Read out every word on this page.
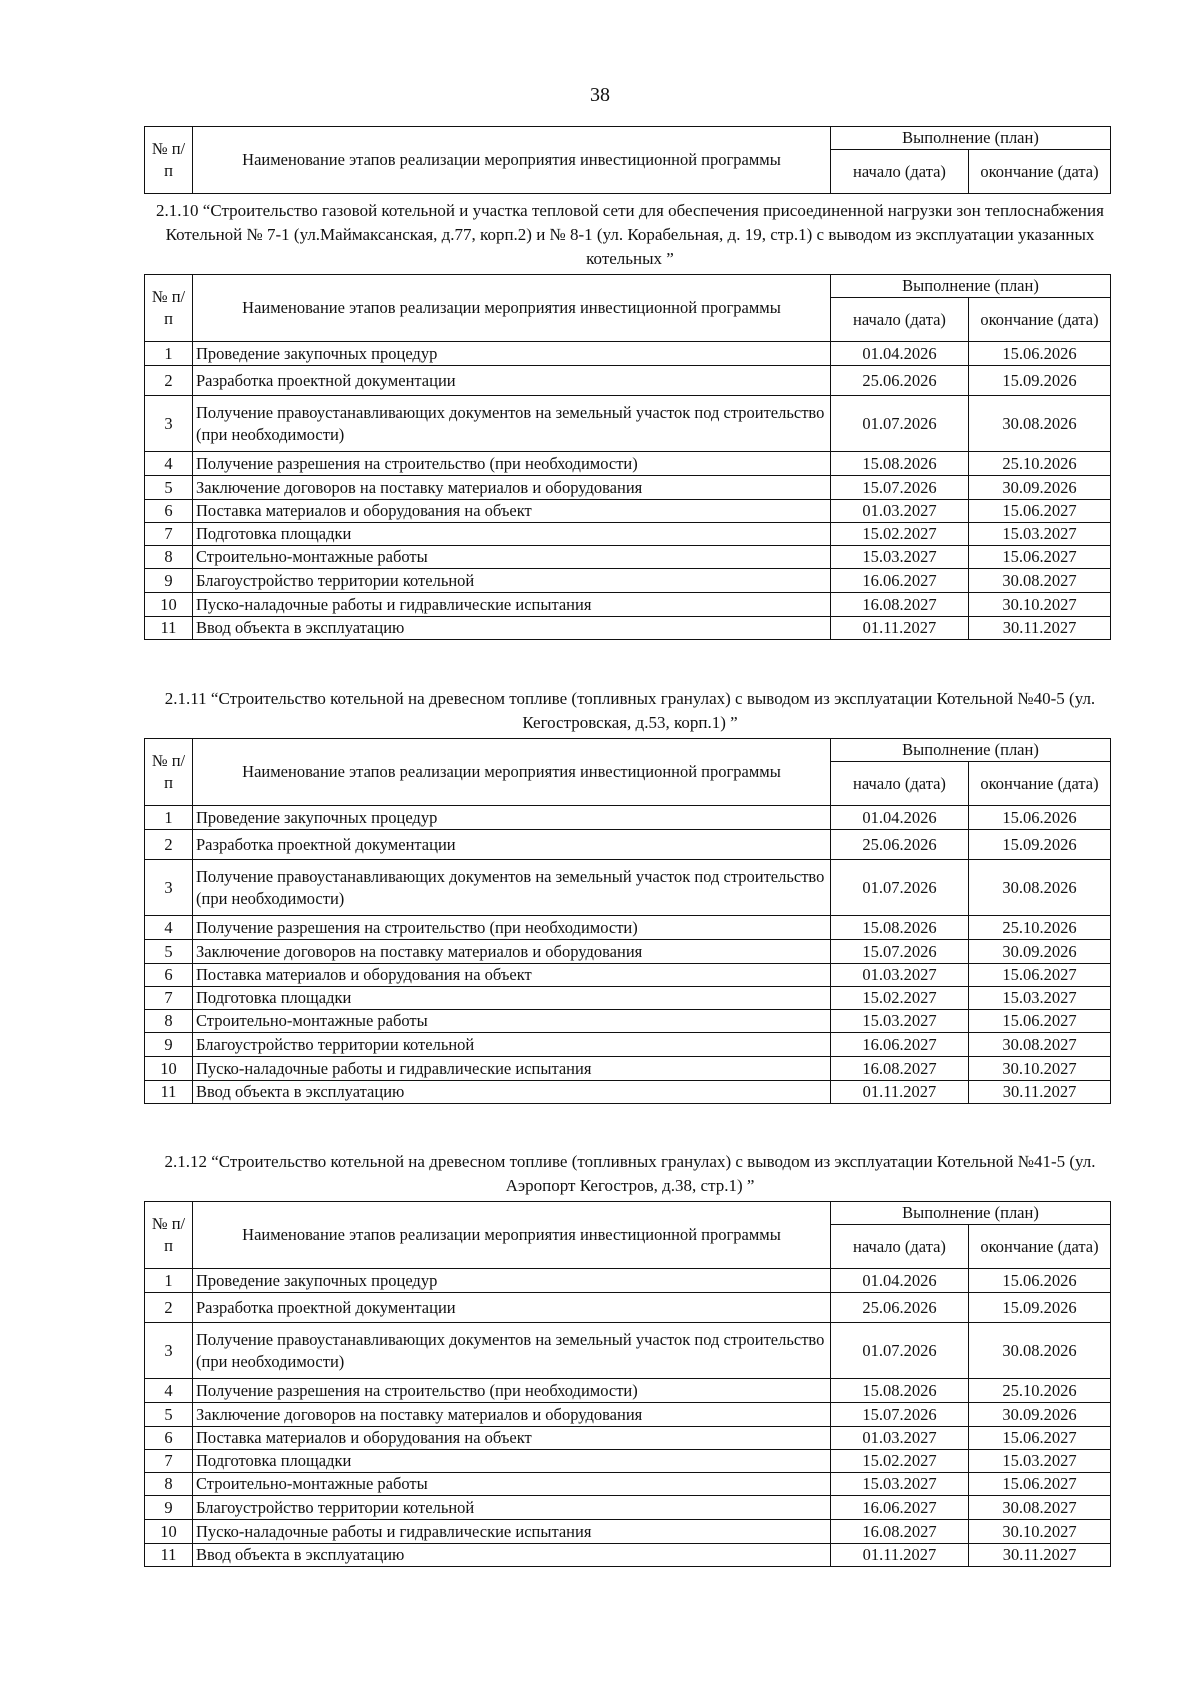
38
№ п/п	Наименование этапов реализации мероприятия инвестиционной программы	Выполнение (план)	
		начало (дата)	окончание (дата)
2.1.10 “Строительство газовой котельной и участка тепловой сети для обеспечения присоединенной нагрузки зон теплоснабжения Котельной № 7-1 (ул.Маймаксанская, д.77, корп.2) и № 8-1 (ул. Корабельная, д. 19, стр.1) с выводом из эксплуатации указанных котельных ”
№ п/п	Наименование этапов реализации мероприятия инвестиционной программы	Выполнение (план)	
		начало (дата)	окончание (дата)
1	Проведение закупочных процедур	01.04.2026	15.06.2026
2	Разработка проектной документации	25.06.2026	15.09.2026
3	Получение правоустанавливающих документов на земельный участок под строительство (при необходимости)	01.07.2026	30.08.2026
4	Получение разрешения на строительство (при необходимости)	15.08.2026	25.10.2026
5	Заключение договоров на поставку материалов и оборудования	15.07.2026	30.09.2026
6	Поставка материалов и оборудования на объект	01.03.2027	15.06.2027
7	Подготовка площадки	15.02.2027	15.03.2027
8	Строительно-монтажные работы	15.03.2027	15.06.2027
9	Благоустройство территории котельной	16.06.2027	30.08.2027
10	Пуско-наладочные работы и гидравлические испытания	16.08.2027	30.10.2027
11	Ввод объекта в эксплуатацию	01.11.2027	30.11.2027
2.1.11 “Строительство котельной на древесном топливе (топливных гранулах) с выводом из эксплуатации Котельной №40-5 (ул. Кегостровская, д.53, корп.1) ”
№ п/п	Наименование этапов реализации мероприятия инвестиционной программы	Выполнение (план)	
		начало (дата)	окончание (дата)
1	Проведение закупочных процедур	01.04.2026	15.06.2026
2	Разработка проектной документации	25.06.2026	15.09.2026
3	Получение правоустанавливающих документов на земельный участок под строительство (при необходимости)	01.07.2026	30.08.2026
4	Получение разрешения на строительство (при необходимости)	15.08.2026	25.10.2026
5	Заключение договоров на поставку материалов и оборудования	15.07.2026	30.09.2026
6	Поставка материалов и оборудования на объект	01.03.2027	15.06.2027
7	Подготовка площадки	15.02.2027	15.03.2027
8	Строительно-монтажные работы	15.03.2027	15.06.2027
9	Благоустройство территории котельной	16.06.2027	30.08.2027
10	Пуско-наладочные работы и гидравлические испытания	16.08.2027	30.10.2027
11	Ввод объекта в эксплуатацию	01.11.2027	30.11.2027
2.1.12 “Строительство котельной на древесном топливе (топливных гранулах) с выводом из эксплуатации Котельной №41-5 (ул. Аэропорт Кегостров, д.38, стр.1) ”
№ п/п	Наименование этапов реализации мероприятия инвестиционной программы	Выполнение (план)	
		начало (дата)	окончание (дата)
1	Проведение закупочных процедур	01.04.2026	15.06.2026
2	Разработка проектной документации	25.06.2026	15.09.2026
3	Получение правоустанавливающих документов на земельный участок под строительство (при необходимости)	01.07.2026	30.08.2026
4	Получение разрешения на строительство (при необходимости)	15.08.2026	25.10.2026
5	Заключение договоров на поставку материалов и оборудования	15.07.2026	30.09.2026
6	Поставка материалов и оборудования на объект	01.03.2027	15.06.2027
7	Подготовка площадки	15.02.2027	15.03.2027
8	Строительно-монтажные работы	15.03.2027	15.06.2027
9	Благоустройство территории котельной	16.06.2027	30.08.2027
10	Пуско-наладочные работы и гидравлические испытания	16.08.2027	30.10.2027
11	Ввод объекта в эксплуатацию	01.11.2027	30.11.2027
